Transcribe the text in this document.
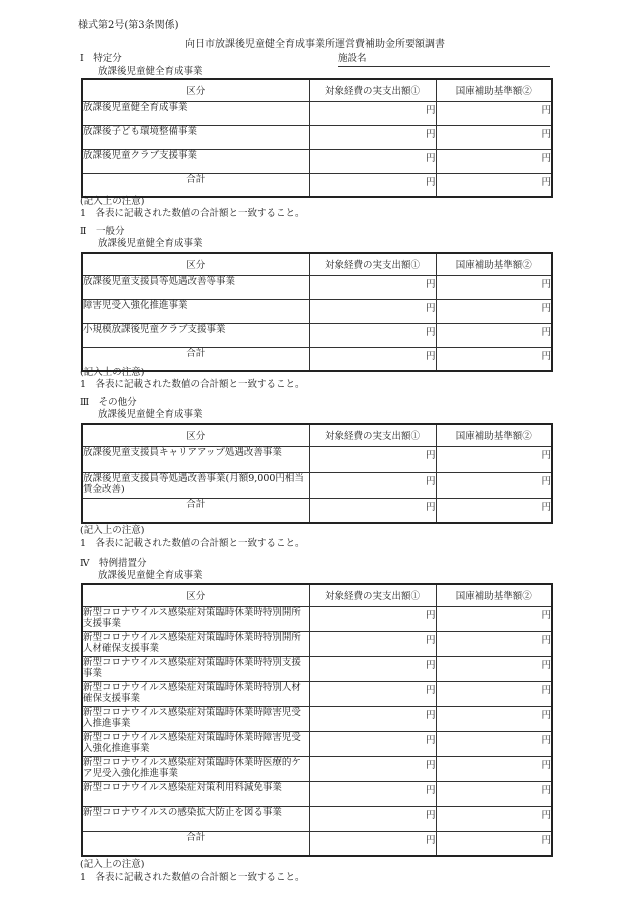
様式第2号(第3条関係)
向日市放課後児童健全育成事業所運営費補助金所要額調書
施設名
Ⅰ　特定分
放課後児童健全育成事業
区分	対象経費の実支出額①	国庫補助基準額②
放課後児童健全育成事業	円	円
放課後子ども環境整備事業	円	円
放課後児童クラブ支援事業	円	円
合計	円	円
(記入上の注意)
1　各表に記載された数値の合計額と一致すること。
Ⅱ　一般分
放課後児童健全育成事業
区分	対象経費の実支出額①	国庫補助基準額②
放課後児童支援員等処遇改善等事業	円	円
障害児受入強化推進事業	円	円
小規模放課後児童クラブ支援事業	円	円
合計	円	円
(記入上の注意)
1　各表に記載された数値の合計額と一致すること。
Ⅲ　その他分
放課後児童健全育成事業
区分	対象経費の実支出額①	国庫補助基準額②
放課後児童支援員キャリアアップ処遇改善事業	円	円
放課後児童支援員等処遇改善事業(月額9,000円相当賃金改善)	円	円
合計	円	円
(記入上の注意)
1　各表に記載された数値の合計額と一致すること。
Ⅳ　特例措置分
放課後児童健全育成事業
区分	対象経費の実支出額①	国庫補助基準額②
新型コロナウイルス感染症対策臨時休業時特別開所支援事業	円	円
新型コロナウイルス感染症対策臨時休業時特別開所人材確保支援事業	円	円
新型コロナウイルス感染症対策臨時休業時特別支援事業	円	円
新型コロナウイルス感染症対策臨時休業時特別人材確保支援事業	円	円
新型コロナウイルス感染症対策臨時休業時障害児受入推進事業	円	円
新型コロナウイルス感染症対策臨時休業時障害児受入強化推進事業	円	円
新型コロナウイルス感染症対策臨時休業時医療的ケア児受入強化推進事業	円	円
新型コロナウイルス感染症対策利用料減免事業	円	円
新型コロナウイルスの感染拡大防止を図る事業	円	円
合計	円	円
(記入上の注意)
1　各表に記載された数値の合計額と一致すること。
